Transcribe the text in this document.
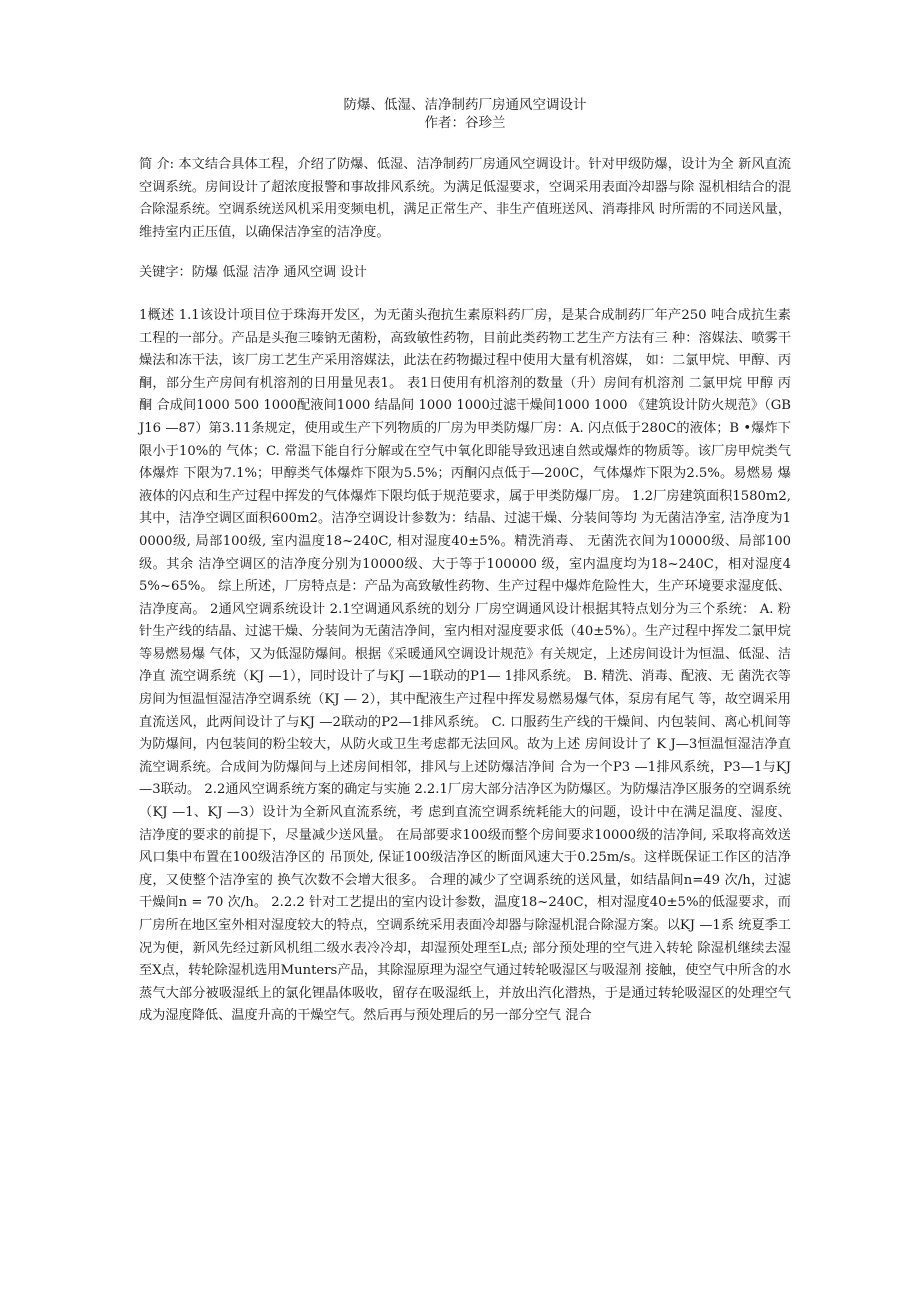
防爆、低湿、洁净制药厂房通风空调设计

作者：谷珍兰

简 介: 本文结合具体工程，介绍了防爆、低湿、洁净制药厂房通风空调设计。针对甲级防爆，设计为全 新风直流空调系统。房间设计了超浓度报警和事故排风系统。为满足低湿要求，空调采用表面冷却器与除 湿机相结合的混合除湿系统。空调系统送风机采用变频电机，满足正常生产、非生产值班送风、消毒排风 时所需的不同送风量，维持室内正压值，以确保洁净室的洁净度。

关键字：防爆 低湿 洁净 通风空调 设计

1概述 1.1该设计项目位于珠海开发区，为无菌头孢抗生素原料药厂房，是某合成制药厂年产250 吨合成抗生素工程的一部分。产品是头孢三嗪钠无菌粉，高致敏性药物，目前此类药物工艺生产方法有三 种：溶媒法、喷雾干燥法和冻干法，该厂房工艺生产采用溶媒法，此法在药物撮过程中使用大量有机溶媒， 如：二氯甲烷、甲醇、丙酮，部分生产房间有机溶剂的日用量见表1。 表1日使用有机溶剂的数量（升）房间有机溶剂 二氯甲烷 甲醇 丙酮 合成间1000 500 1000配液间1000 结晶间 1000 1000过滤干燥间1000 1000 《建筑设计防火规范》（GBJ16 —87）第3.11条规定，使用或生产下列物质的厂房为甲类防爆厂房：A. 闪点低于280C的液体；B •爆炸下限小于10%的 气体；C. 常温下能自行分解或在空气中氧化即能导致迅速自然或爆炸的物质等。该厂房甲烷类气体爆炸 下限为7.1%；甲醇类气体爆炸下限为5.5%；丙酮闪点低于—200C，气体爆炸下限为2.5%。易燃易 爆液体的闪点和生产过程中挥发的气体爆炸下限均低于规范要求，属于甲类防爆厂房。 1.2厂房建筑面积1580m2, 其中，洁净空调区面积600m2。洁净空调设计参数为：结晶、过滤干燥、分装间等均 为无菌洁净室, 洁净度为10000级, 局部100级, 室内温度18~240C, 相对湿度40±5%。精洗消毒、 无菌洗衣间为10000级、局部100级。其余 洁净空调区的洁净度分别为10000级、大于等于100000 级，室内温度均为18~240C，相对湿度45%~65%。 综上所述，厂房特点是：产品为高致敏性药物、生产过程中爆炸危险性大，生产环境要求湿度低、洁净度高。 2通风空调系统设计 2.1空调通风系统的划分 厂房空调通风设计根据其特点划分为三个系统： A. 粉针生产线的结晶、过滤干燥、分装间为无菌洁净间，室内相对湿度要求低（40±5%）。生产过程中挥发二氯甲烷等易燃易爆 气体，又为低湿防爆间。根据《采暖通风空调设计规范》有关规定，上述房间设计为恒温、低湿、洁净直 流空调系统（KJ —1），同时设计了与KJ —1联动的P1— 1排风系统。 B. 精洗、消毒、配液、无 菌洗衣等房间为恒温恒湿洁净空调系统（KJ — 2），其中配液生产过程中挥发易燃易爆气体，泵房有尾气 等，故空调采用直流送风，此两间设计了与KJ —2联动的P2—1排风系统。 C. 口服药生产线的干燥间、内包装间、离心机间等为防爆间，内包装间的粉尘较大，从防火或卫生考虑都无法回风。故为上述 房间设计了 K J—3恒温恒湿洁净直流空调系统。合成间为防爆间与上述房间相邻，排风与上述防爆洁净间 合为一个P3 —1排风系统，P3—1与KJ —3联动。 2.2通风空调系统方案的确定与实施 2.2.1厂房大部分洁净区为防爆区。为防爆洁净区服务的空调系统（KJ —1、KJ —3）设计为全新风直流系统，考 虑到直流空调系统耗能大的问题，设计中在满足温度、湿度、洁净度的要求的前提下，尽量减少送风量。 在局部要求100级而整个房间要求10000级的洁净间, 采取将高效送风口集中布置在100级洁净区的 吊顶处, 保证100级洁净区的断面风速大于0.25m/s。这样既保证工作区的洁净度，又使整个洁净室的 换气次数不会增大很多。 合理的减少了空调系统的送风量，如结晶间n=49 次/h，过滤干燥间n = 70 次/h。 2.2.2 针对工艺提出的室内设计参数，温度18~240C，相对湿度40±5%的低湿要求，而厂房所在地区室外相对湿度较大的特点，空调系统采用表面冷却器与除湿机混合除湿方案。以KJ —1系 统夏季工况为便，新风先经过新风机组二级水表冷冷却，却湿预处理至L点; 部分预处理的空气进入转轮 除湿机继续去湿至X点，转轮除湿机选用Munters产品，其除湿原理为湿空气通过转轮吸湿区与吸湿剂 接触，使空气中所含的水蒸气大部分被吸湿纸上的氯化锂晶体吸收，留存在吸湿纸上，并放出汽化潜热，于是通过转轮吸湿区的处理空气成为湿度降低、温度升高的干燥空气。然后再与预处理后的另一部分空气 混合
